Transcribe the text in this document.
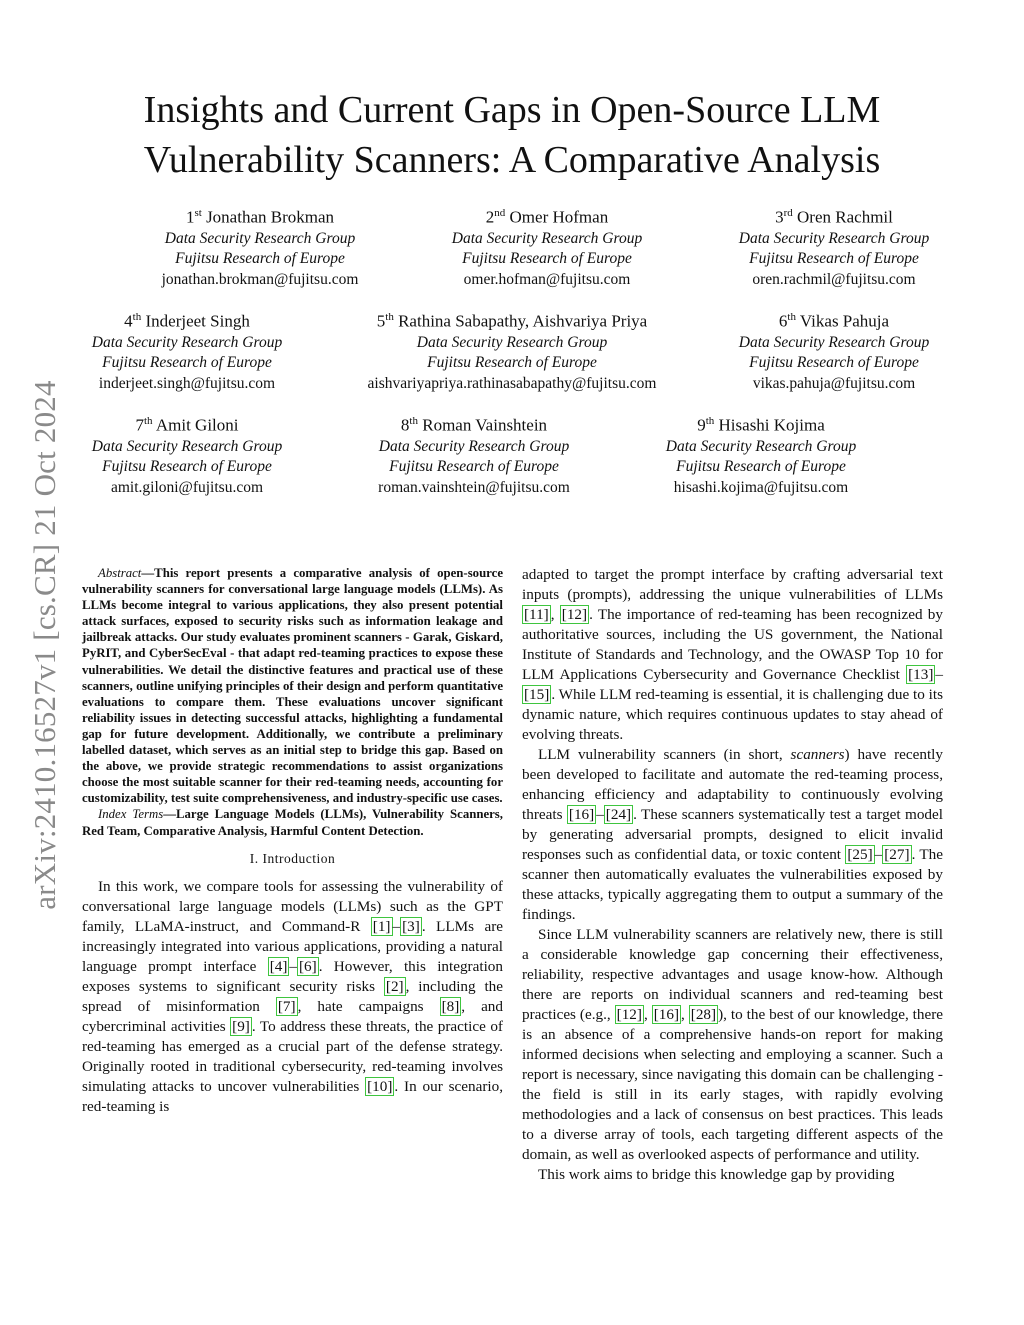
arXiv:2410.16527v1 [cs.CR] 21 Oct 2024
Insights and Current Gaps in Open-Source LLM
Vulnerability Scanners: A Comparative Analysis
1st Jonathan Brokman
Data Security Research Group
Fujitsu Research of Europe
jonathan.brokman@fujitsu.com
2nd Omer Hofman
Data Security Research Group
Fujitsu Research of Europe
omer.hofman@fujitsu.com
3rd Oren Rachmil
Data Security Research Group
Fujitsu Research of Europe
oren.rachmil@fujitsu.com
4th Inderjeet Singh
Data Security Research Group
Fujitsu Research of Europe
inderjeet.singh@fujitsu.com
5th Rathina Sabapathy, Aishvariya Priya
Data Security Research Group
Fujitsu Research of Europe
aishvariyapriya.rathinasabapathy@fujitsu.com
6th Vikas Pahuja
Data Security Research Group
Fujitsu Research of Europe
vikas.pahuja@fujitsu.com
7th Amit Giloni
Data Security Research Group
Fujitsu Research of Europe
amit.giloni@fujitsu.com
8th Roman Vainshtein
Data Security Research Group
Fujitsu Research of Europe
roman.vainshtein@fujitsu.com
9th Hisashi Kojima
Data Security Research Group
Fujitsu Research of Europe
hisashi.kojima@fujitsu.com

Abstract—This report presents a comparative analysis of open-source vulnerability scanners for conversational large language models (LLMs). As LLMs become integral to various applications, they also present potential attack surfaces, exposed to security risks such as information leakage and jailbreak attacks. Our study evaluates prominent scanners - Garak, Giskard, PyRIT, and CyberSecEval - that adapt red-teaming practices to expose these vulnerabilities. We detail the distinctive features and practical use of these scanners, outline unifying principles of their design and perform quantitative evaluations to compare them. These evaluations uncover significant reliability issues in detecting successful attacks, highlighting a fundamental gap for future development. Additionally, we contribute a preliminary labelled dataset, which serves as an initial step to bridge this gap. Based on the above, we provide strategic recommendations to assist organizations choose the most suitable scanner for their red-teaming needs, accounting for customizability, test suite comprehensiveness, and industry-specific use cases.

Index Terms—Large Language Models (LLMs), Vulnerability Scanners, Red Team, Comparative Analysis, Harmful Content Detection.

I. Introduction

In this work, we compare tools for assessing the vulnerability of conversational large language models (LLMs) such as the GPT family, LLaMA-instruct, and Command-R [1] – [3] . LLMs are increasingly integrated into various applications, providing a natural language prompt interface [4] – [6] . However, this integration exposes systems to significant security risks [2] , including the spread of misinformation [7] , hate campaigns [8] , and cybercriminal activities [9] . To address these threats, the practice of red-teaming has emerged as a crucial part of the defense strategy. Originally rooted in traditional cybersecurity, red-teaming involves simulating attacks to uncover vulnerabilities [10] . In our scenario, red-teaming is

adapted to target the prompt interface by crafting adversarial text inputs (prompts), addressing the unique vulnerabilities of LLMs [11] , [12] . The importance of red-teaming has been recognized by authoritative sources, including the US government, the National Institute of Standards and Technology, and the OWASP Top 10 for LLM Applications Cybersecurity and Governance Checklist [13] –[15] . While LLM red-teaming is essential, it is challenging due to its dynamic nature, which requires continuous updates to stay ahead of evolving threats.

LLM vulnerability scanners (in short, scanners) have recently been developed to facilitate and automate the red-teaming process, enhancing efficiency and adaptability to continuously evolving threats [16] – [24] . These scanners systematically test a target model by generating adversarial prompts, designed to elicit invalid responses such as confidential data, or toxic content [25] – [27] . The scanner then automatically evaluates the vulnerabilities exposed by these attacks, typically aggregating them to output a summary of the findings.

Since LLM vulnerability scanners are relatively new, there is still a considerable knowledge gap concerning their effectiveness, reliability, respective advantages and usage know-how. Although there are reports on individual scanners and red-teaming best practices (e.g., [12] , [16] , [28] ), to the best of our knowledge, there is an absence of a comprehensive hands-on report for making informed decisions when selecting and employing a scanner. Such a report is necessary, since navigating this domain can be challenging - the field is still in its early stages, with rapidly evolving methodologies and a lack of consensus on best practices. This leads to a diverse array of tools, each targeting different aspects of the domain, as well as overlooked aspects of performance and utility.

This work aims to bridge this knowledge gap by providing
